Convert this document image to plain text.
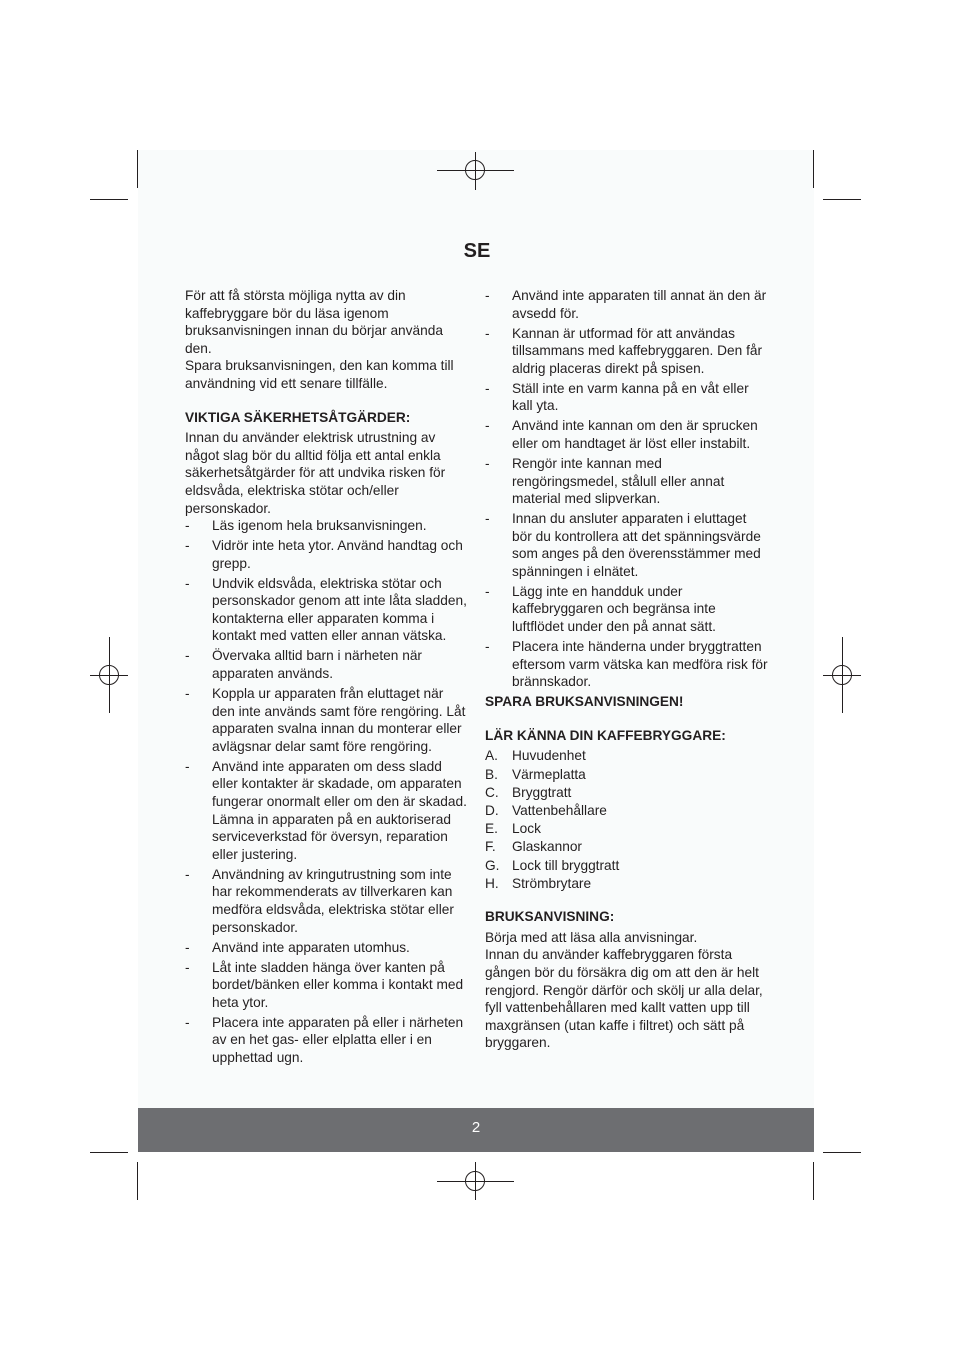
2
SE

För att få största möjliga nytta av din kaffebryggare bör du läsa igenom bruksanvisningen innan du börjar använda den.

Spara bruksanvisningen, den kan komma till användning vid ett senare tillfälle.

VIKTIGA SÄKERHETSÅTGÄRDER:

Innan du använder elektrisk utrustning av något slag bör du alltid följa ett antal enkla säkerhetsåtgärder för att undvika risken för eldsvåda, elektriska stötar och/eller personskador.

- Läs igenom hela bruksanvisningen.
- Vidrör inte heta ytor. Använd handtag och grepp.
- Undvik eldsvåda, elektriska stötar och personskador genom att inte låta sladden, kontakterna eller apparaten komma i kontakt med vatten eller annan vätska.
- Övervaka alltid barn i närheten när apparaten används.
- Koppla ur apparaten från eluttaget när den inte används samt före rengöring. Låt apparaten svalna innan du monterar eller avlägsnar delar samt före rengöring.
- Använd inte apparaten om dess sladd eller kontakter är skadade, om apparaten fungerar onormalt eller om den är skadad. Lämna in apparaten på en auktoriserad serviceverkstad för översyn, reparation eller justering.
- Användning av kringutrustning som inte har rekommenderats av tillverkaren kan medföra eldsvåda, elektriska stötar eller personskador.
- Använd inte apparaten utomhus.
- Låt inte sladden hänga över kanten på bordet/bänken eller komma i kontakt med heta ytor.
- Placera inte apparaten på eller i närheten av en het gas- eller elplatta eller i en upphettad ugn.
- Använd inte apparaten till annat än den är avsedd för.
- Kannan är utformad för att användas tillsammans med kaffebryggaren. Den får aldrig placeras direkt på spisen.
- Ställ inte en varm kanna på en våt eller kall yta.
- Använd inte kannan om den är sprucken eller om handtaget är löst eller instabilt.
- Rengör inte kannan med rengöringsmedel, stålull eller annat material med slipverkan.
- Innan du ansluter apparaten i eluttaget bör du kontrollera att det spänningsvärde som anges på den överensstämmer med spänningen i elnätet.
- Lägg inte en handduk under kaffebryggaren och begränsa inte luftflödet under den på annat sätt.
- Placera inte händerna under bryggtratten eftersom varm vätska kan medföra risk för brännskador.

SPARA BRUKSANVISNINGEN!

LÄR KÄNNA DIN KAFFEBRYGGARE:

A. Huvudenhet
B. Värmeplatta
C. Bryggtratt
D. Vattenbehållare
E. Lock
F. Glaskannor
G. Lock till bryggtratt
H. Strömbrytare

BRUKSANVISNING:

Börja med att läsa alla anvisningar.

Innan du använder kaffebryggaren första gången bör du försäkra dig om att den är helt rengjord. Rengör därför och skölj ur alla delar, fyll vattenbehållaren med kallt vatten upp till maxgränsen (utan kaffe i filtret) och sätt på bryggaren.
